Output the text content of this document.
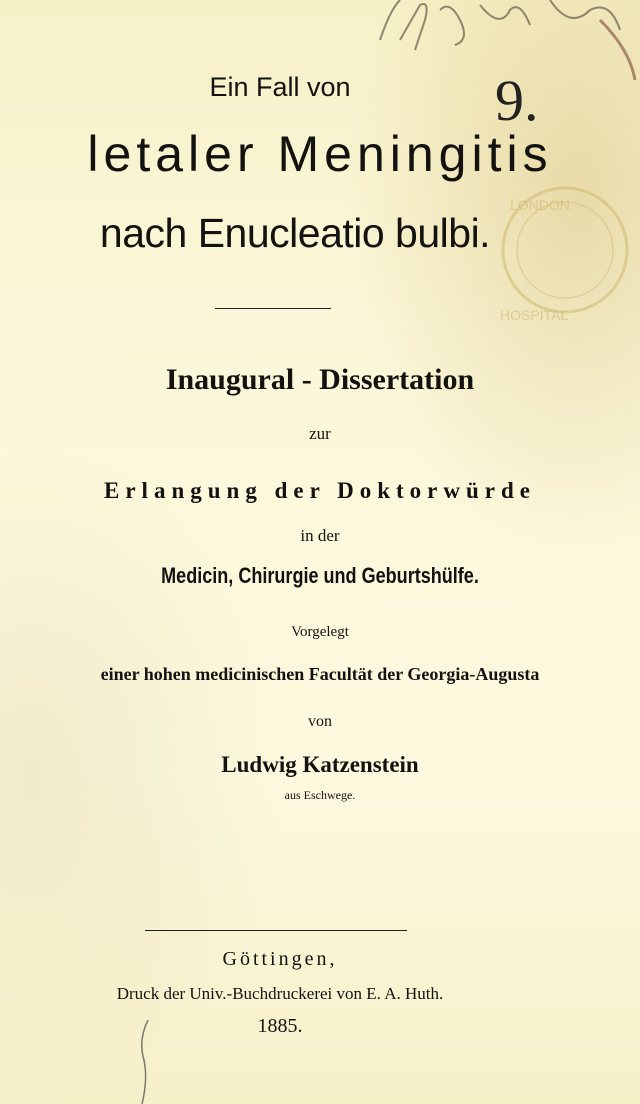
9.
LONDON
HOSPITAL
Ein Fall von
letaler Meningitis
nach Enucleatio bulbi.
Inaugural - Dissertation
zur
Erlangung der Doktorwürde
in der
Medicin, Chirurgie und Geburtshülfe.
Vorgelegt
einer hohen medicinischen Facultät der Georgia-Augusta
von
Ludwig Katzenstein
aus Eschwege.
Göttingen,
Druck der Univ.-Buchdruckerei von E. A. Huth.
1885.
